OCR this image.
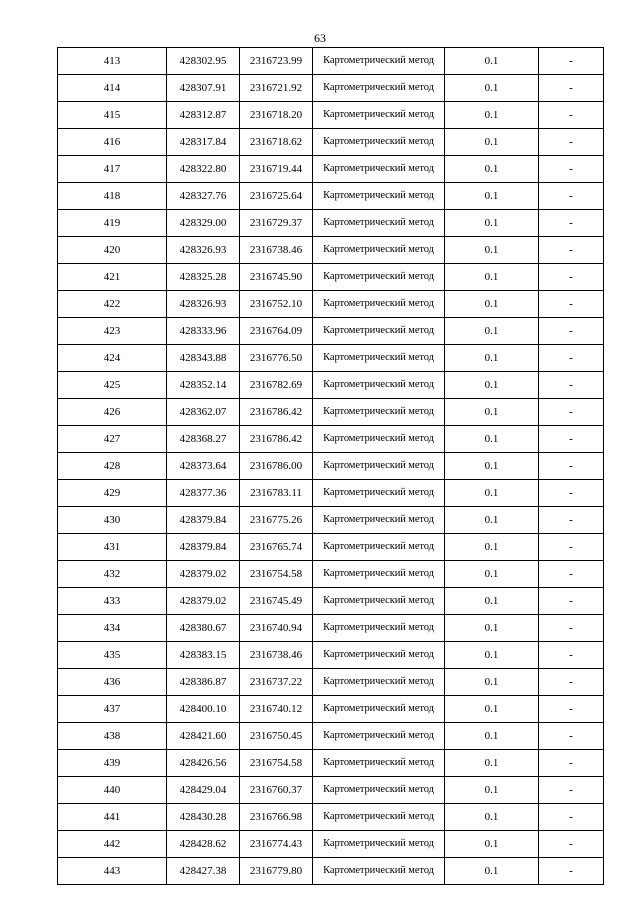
63
413	428302.95	2316723.99	Картометрический метод	0.1	-
414	428307.91	2316721.92	Картометрический метод	0.1	-
415	428312.87	2316718.20	Картометрический метод	0.1	-
416	428317.84	2316718.62	Картометрический метод	0.1	-
417	428322.80	2316719.44	Картометрический метод	0.1	-
418	428327.76	2316725.64	Картометрический метод	0.1	-
419	428329.00	2316729.37	Картометрический метод	0.1	-
420	428326.93	2316738.46	Картометрический метод	0.1	-
421	428325.28	2316745.90	Картометрический метод	0.1	-
422	428326.93	2316752.10	Картометрический метод	0.1	-
423	428333.96	2316764.09	Картометрический метод	0.1	-
424	428343.88	2316776.50	Картометрический метод	0.1	-
425	428352.14	2316782.69	Картометрический метод	0.1	-
426	428362.07	2316786.42	Картометрический метод	0.1	-
427	428368.27	2316786.42	Картометрический метод	0.1	-
428	428373.64	2316786.00	Картометрический метод	0.1	-
429	428377.36	2316783.11	Картометрический метод	0.1	-
430	428379.84	2316775.26	Картометрический метод	0.1	-
431	428379.84	2316765.74	Картометрический метод	0.1	-
432	428379.02	2316754.58	Картометрический метод	0.1	-
433	428379.02	2316745.49	Картометрический метод	0.1	-
434	428380.67	2316740.94	Картометрический метод	0.1	-
435	428383.15	2316738.46	Картометрический метод	0.1	-
436	428386.87	2316737.22	Картометрический метод	0.1	-
437	428400.10	2316740.12	Картометрический метод	0.1	-
438	428421.60	2316750.45	Картометрический метод	0.1	-
439	428426.56	2316754.58	Картометрический метод	0.1	-
440	428429.04	2316760.37	Картометрический метод	0.1	-
441	428430.28	2316766.98	Картометрический метод	0.1	-
442	428428.62	2316774.43	Картометрический метод	0.1	-
443	428427.38	2316779.80	Картометрический метод	0.1	-
